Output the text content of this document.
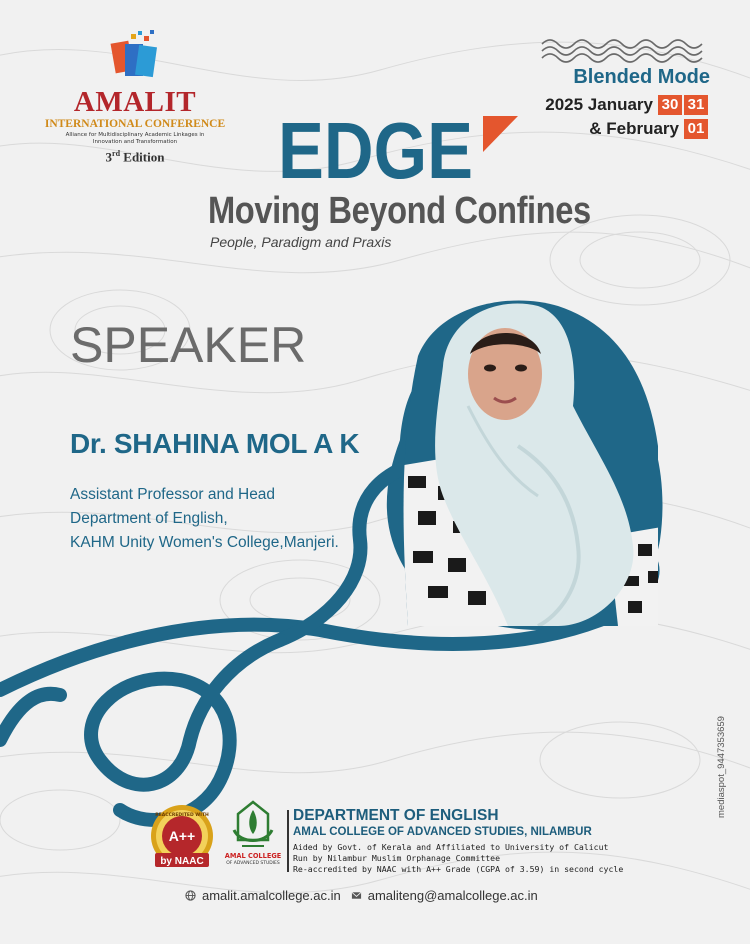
AMALIT
INTERNATIONAL CONFERENCE
Alliance for Multidisciplinary Academic Linkages in
Innovation and Transformation
3rd Edition
Blended Mode
2025 January 30 31
& February 01
EDGE
Moving Beyond Confines
People, Paradigm and Praxis
SPEAKER
Dr. SHAHINA MOL A K
Assistant Professor and Head
Department of English,
KAHM Unity Women's College,Manjeri.
mediaspot_9447353659
REACCREDITED WITH
A++
by NAAC	AMAL COLLEGE
OF ADVANCED STUDIES
DEPARTMENT OF ENGLISH
AMAL COLLEGE OF ADVANCED STUDIES, NILAMBUR
Aided by Govt. of Kerala and Affiliated to University of Calicut
Run by Nilambur Muslim Orphanage Committee
Re-accredited by NAAC with A++ Grade (CGPA of 3.59) in second cycle
amalit.amalcollege.ac.in amaliteng@amalcollege.ac.in
